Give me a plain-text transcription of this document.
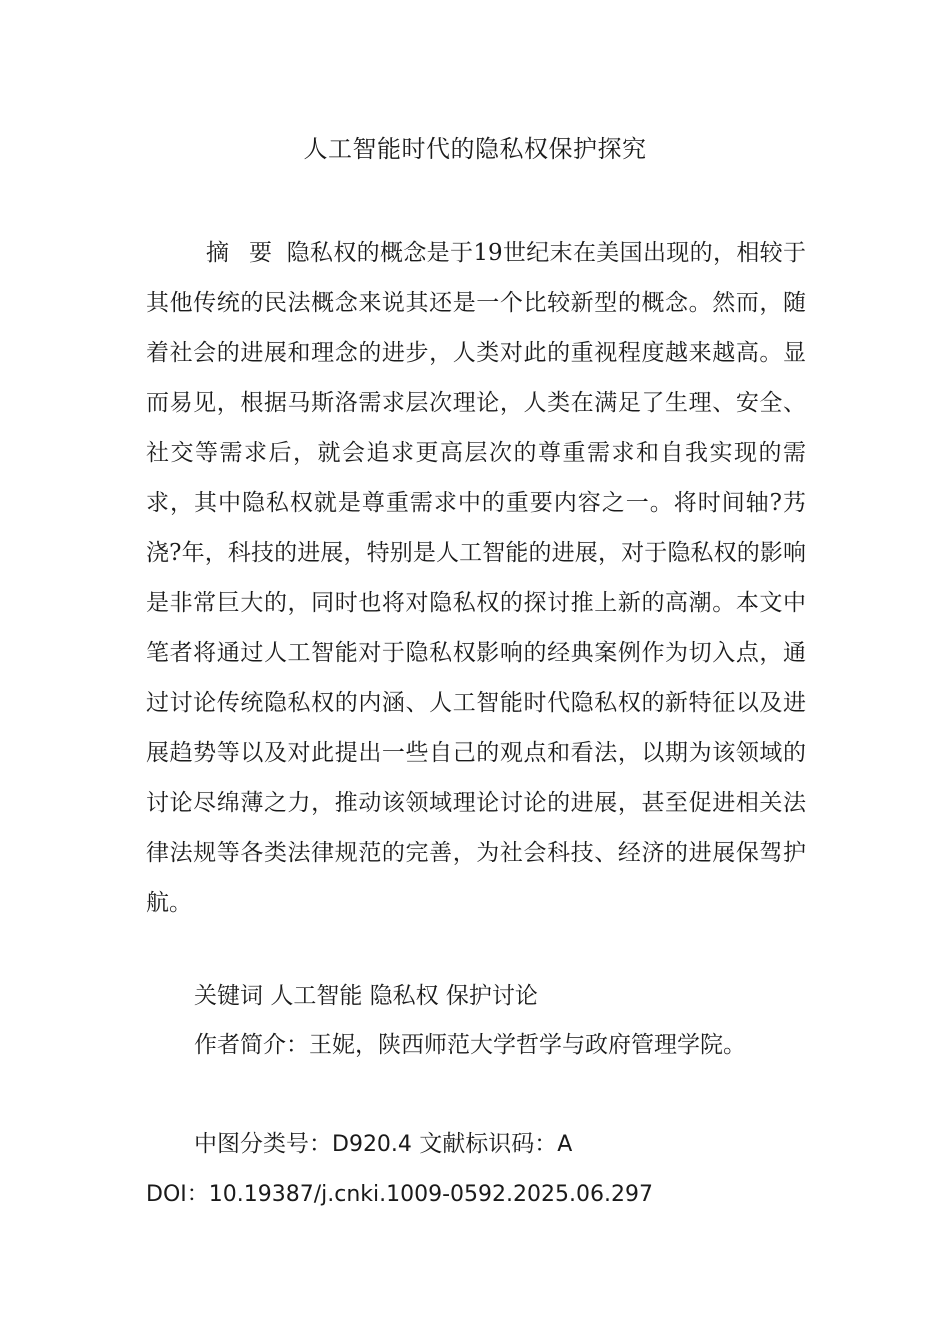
人工智能时代的隐私权保护探究
摘 要 隐私权的概念是于19世纪末在美国出现的，相较于其他传统的民法概念来说其还是一个比较新型的概念。然而，随着社会的进展和理念的进步，人类对此的重视程度越来越高。显而易见，根据马斯洛需求层次理论，人类在满足了生理、安全、社交等需求后，就会追求更高层次的尊重需求和自我实现的需求，其中隐私权就是尊重需求中的重要内容之一。将时间轴?艿浇?年，科技的进展，特别是人工智能的进展，对于隐私权的影响是非常巨大的，同时也将对隐私权的探讨推上新的高潮。本文中笔者将通过人工智能对于隐私权影响的经典案例作为切入点，通过讨论传统隐私权的内涵、人工智能时代隐私权的新特征以及进展趋势等以及对此提出一些自己的观点和看法，以期为该领域的讨论尽绵薄之力，推动该领域理论讨论的进展，甚至促进相关法律法规等各类法律规范的完善，为社会科技、经济的进展保驾护航。
关键词 人工智能 隐私权 保护讨论
作者简介：王妮，陕西师范大学哲学与政府管理学院。
中图分类号：D920.4 文献标识码：A
DOI：10.19387/j.cnki.1009-0592.2025.06.297
